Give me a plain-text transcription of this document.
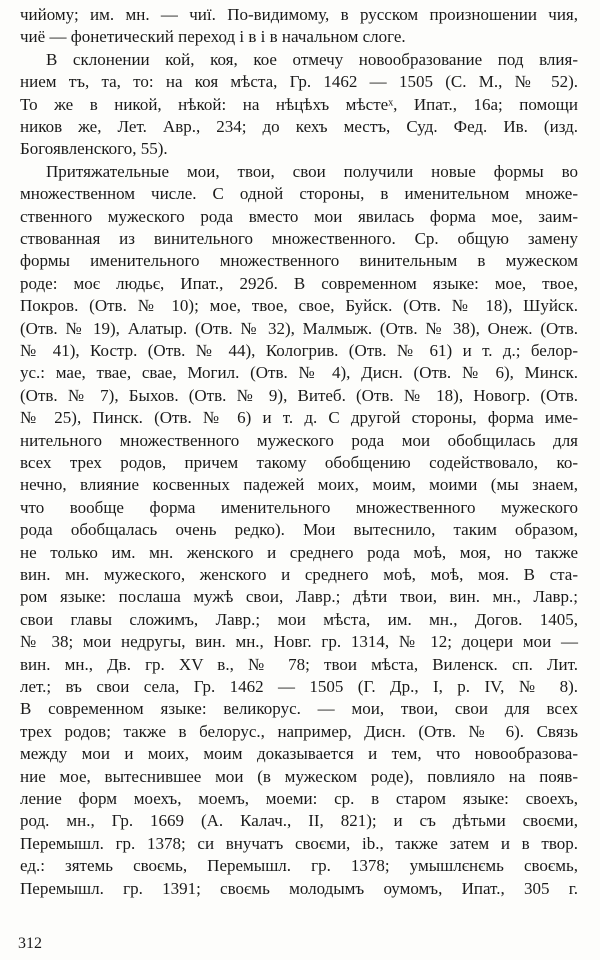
чийому; им. мн. — чиї. По-видимому, в русском произношении чия,
чиё — фонетический переход і в і в начальном слоге.
В склонении кой, коя, кое отмечу новообразование под влия-
нием тъ, та, то: на коя мѣста, Гр. 1462 — 1505 (С. М., № 52).
То же в никой, нѣкой: на нѣцѣхъ мѣстеˣ, Ипат., 16а; помощи
ников же, Лет. Авр., 234; до кехъ местъ, Суд. Фед. Ив. (изд.
Богоявленского, 55).
Притяжательные мои, твои, свои получили новые формы во
множественном числе. С одной стороны, в именительном множе-
ственного мужеского рода вместо мои явилась форма мое, заим-
ствованная из винительного множественного. Ср. общую замену
формы именительного множественного винительным в мужеском
роде: моє людьє, Ипат., 292б. В современном языке: мое, твое,
Покров. (Отв. № 10); мое, твое, свое, Буйск. (Отв. № 18), Шуйск.
(Отв. № 19), Алатыр. (Отв. № 32), Малмыж. (Отв. № 38), Онеж. (Отв.
№ 41), Костр. (Отв. № 44), Кологрив. (Отв. № 61) и т. д.; белор-
ус.: мае, твае, свае, Могил. (Отв. № 4), Дисн. (Отв. № 6), Минск.
(Отв. № 7), Быхов. (Отв. № 9), Витеб. (Отв. № 18), Новогр. (Отв.
№ 25), Пинск. (Отв. № 6) и т. д. С другой стороны, форма име-
нительного множественного мужеского рода мои обобщилась для
всех трех родов, причем такому обобщению содействовало, ко-
нечно, влияние косвенных падежей моих, моим, моими (мы знаем,
что вообще форма именительного множественного мужеского
рода обобщалась очень редко). Мои вытеснило, таким образом,
не только им. мн. женского и среднего рода моѣ, моя, но также
вин. мн. мужеского, женского и среднего моѣ, моѣ, моя. В ста-
ром языке: послаша мужѣ свои, Лавр.; дѣти твои, вин. мн., Лавр.;
свои главы сложимъ, Лавр.; мои мѣста, им. мн., Догов. 1405,
№ 38; мои недругы, вин. мн., Новг. гр. 1314, № 12; доцери мои —
вин. мн., Дв. гр. XV в., № 78; твои мѣста, Виленск. сп. Лит.
лет.; въ свои села, Гр. 1462 — 1505 (Г. Др., I, р. IV, № 8).
В современном языке: великорус. — мои, твои, свои для всех
трех родов; также в белорус., например, Дисн. (Отв. № 6). Связь
между мои и моих, моим доказывается и тем, что новообразова-
ние мое, вытеснившее мои (в мужеском роде), повлияло на появ-
ление форм моехъ, моемъ, моеми: ср. в старом языке: своехъ,
род. мн., Гр. 1669 (А. Калач., II, 821); и съ дѣтьми своєми,
Перемышл. гр. 1378; си внучатъ своєми, ib., также затем и в твор.
ед.: зятемь своємь, Перемышл. гр. 1378; умышлєнємь своємь,
Перемышл. гр. 1391; своємь молодымъ оумомъ, Ипат., 305 г.
312
